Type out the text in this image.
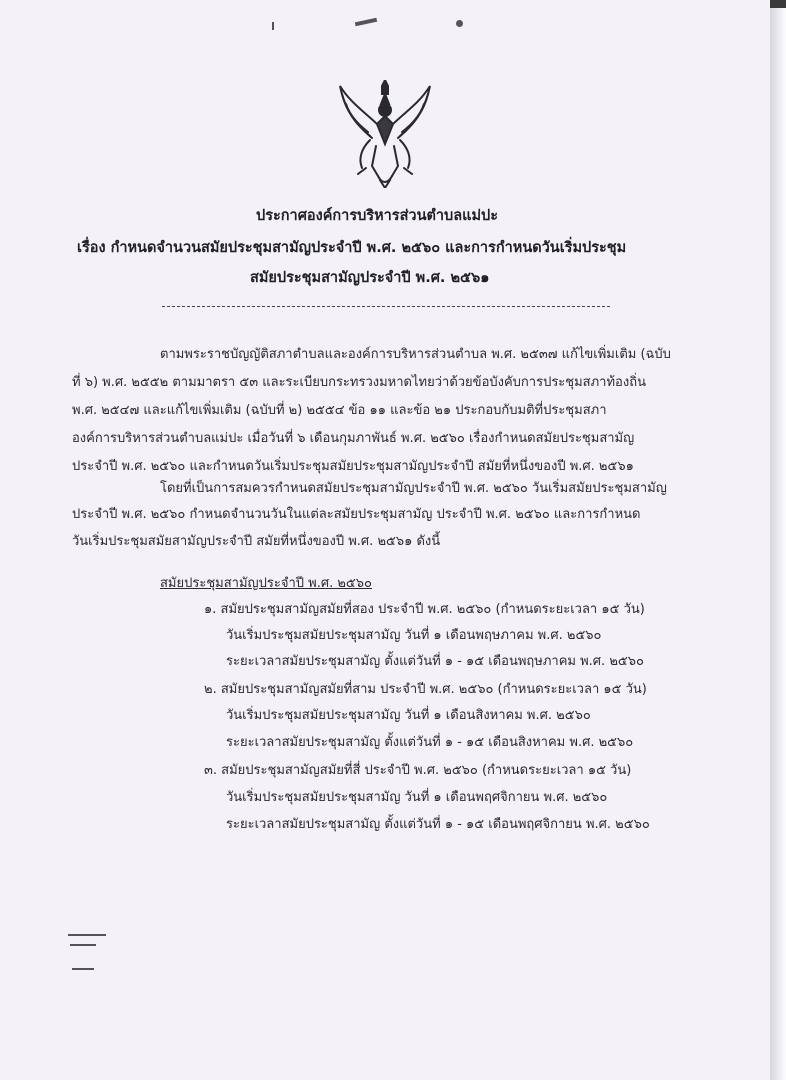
ประกาศองค์การบริหารส่วนตำบลแม่ปะ
เรื่อง กำหนดจำนวนสมัยประชุมสามัญประจำปี พ.ศ. ๒๕๖๐ และการกำหนดวันเริ่มประชุม
สมัยประชุมสามัญประจำปี พ.ศ. ๒๕๖๑
ตามพระราชบัญญัติสภาตำบลและองค์การบริหารส่วนตำบล พ.ศ. ๒๕๓๗ แก้ไขเพิ่มเติม (ฉบับ
ที่ ๖) พ.ศ. ๒๕๕๒ ตามมาตรา ๕๓ และระเบียบกระทรวงมหาดไทยว่าด้วยข้อบังคับการประชุมสภาท้องถิ่น
พ.ศ. ๒๕๔๗ และแก้ไขเพิ่มเติม (ฉบับที่ ๒) ๒๕๕๔ ข้อ ๑๑ และข้อ ๒๑ ประกอบกับมติที่ประชุมสภา
องค์การบริหารส่วนตำบลแม่ปะ เมื่อวันที่ ๖ เดือนกุมภาพันธ์ พ.ศ. ๒๕๖๐ เรื่องกำหนดสมัยประชุมสามัญ
ประจำปี พ.ศ. ๒๕๖๐ และกำหนดวันเริ่มประชุมสมัยประชุมสามัญประจำปี สมัยที่หนึ่งของปี พ.ศ. ๒๕๖๑
โดยที่เป็นการสมควรกำหนดสมัยประชุมสามัญประจำปี พ.ศ. ๒๕๖๐ วันเริ่มสมัยประชุมสามัญ
ประจำปี พ.ศ. ๒๕๖๐ กำหนดจำนวนวันในแต่ละสมัยประชุมสามัญ ประจำปี พ.ศ. ๒๕๖๐ และการกำหนด
วันเริ่มประชุมสมัยสามัญประจำปี สมัยที่หนึ่งของปี พ.ศ. ๒๕๖๑ ดังนี้
สมัยประชุมสามัญประจำปี พ.ศ. ๒๕๖๐
๑. สมัยประชุมสามัญสมัยที่สอง ประจำปี พ.ศ. ๒๕๖๐ (กำหนดระยะเวลา ๑๕ วัน)
วันเริ่มประชุมสมัยประชุมสามัญ วันที่ ๑ เดือนพฤษภาคม พ.ศ. ๒๕๖๐
ระยะเวลาสมัยประชุมสามัญ ตั้งแต่วันที่ ๑ - ๑๕ เดือนพฤษภาคม พ.ศ. ๒๕๖๐
๒. สมัยประชุมสามัญสมัยที่สาม ประจำปี พ.ศ. ๒๕๖๐ (กำหนดระยะเวลา ๑๕ วัน)
วันเริ่มประชุมสมัยประชุมสามัญ วันที่ ๑ เดือนสิงหาคม พ.ศ. ๒๕๖๐
ระยะเวลาสมัยประชุมสามัญ ตั้งแต่วันที่ ๑ - ๑๕ เดือนสิงหาคม พ.ศ. ๒๕๖๐
๓. สมัยประชุมสามัญสมัยที่สี่ ประจำปี พ.ศ. ๒๕๖๐ (กำหนดระยะเวลา ๑๕ วัน)
วันเริ่มประชุมสมัยประชุมสามัญ วันที่ ๑ เดือนพฤศจิกายน พ.ศ. ๒๕๖๐
ระยะเวลาสมัยประชุมสามัญ ตั้งแต่วันที่ ๑ - ๑๕ เดือนพฤศจิกายน พ.ศ. ๒๕๖๐
